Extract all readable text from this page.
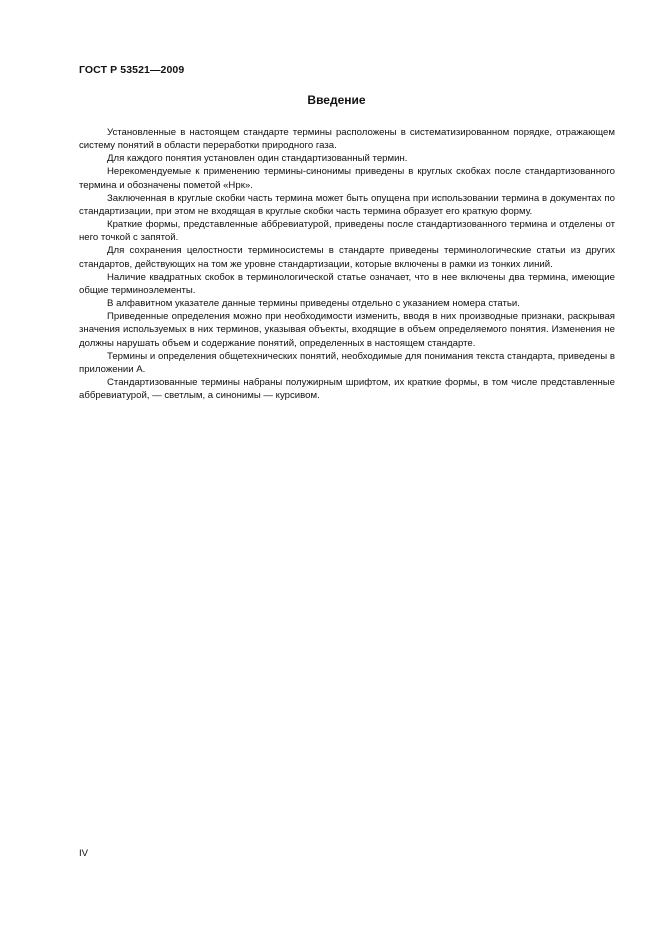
ГОСТ Р 53521—2009
Введение

Установленные в настоящем стандарте термины расположены в систематизированном порядке, отражающем систему понятий в области переработки природного газа.

Для каждого понятия установлен один стандартизованный термин.

Нерекомендуемые к применению термины-синонимы приведены в круглых скобках после стандартизованного термина и обозначены пометой «Нрк».

Заключенная в круглые скобки часть термина может быть опущена при использовании термина в документах по стандартизации, при этом не входящая в круглые скобки часть термина образует его краткую форму.

Краткие формы, представленные аббревиатурой, приведены после стандартизованного термина и отделены от него точкой с запятой.

Для сохранения целостности терминосистемы в стандарте приведены терминологические статьи из других стандартов, действующих на том же уровне стандартизации, которые включены в рамки из тонких линий.

Наличие квадратных скобок в терминологической статье означает, что в нее включены два термина, имеющие общие терминоэлементы.

В алфавитном указателе данные термины приведены отдельно с указанием номера статьи.

Приведенные определения можно при необходимости изменить, вводя в них производные признаки, раскрывая значения используемых в них терминов, указывая объекты, входящие в объем определяемого понятия. Изменения не должны нарушать объем и содержание понятий, определенных в настоящем стандарте.

Термины и определения общетехнических понятий, необходимые для понимания текста стандарта, приведены в приложении А.

Стандартизованные термины набраны полужирным шрифтом, их краткие формы, в том числе представленные аббревиатурой, — светлым, а синонимы — курсивом.

IV
